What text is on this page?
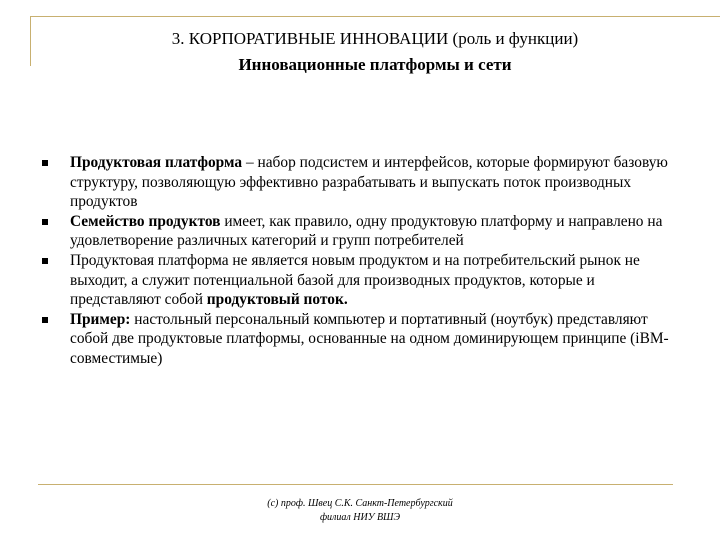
3. КОРПОРАТИВНЫЕ ИННОВАЦИИ (роль и функции)
Инновационные платформы и сети
Продуктовая платформа – набор подсистем и интерфейсов, которые формируют базовую структуру, позволяющую эффективно разрабатывать и выпускать поток производных продуктов
Семейство продуктов имеет, как правило, одну продуктовую платформу и направлено на удовлетворение различных категорий и групп потребителей
Продуктовая платформа не является новым продуктом и на потребительский рынок не выходит, а служит потенциальной базой для производных продуктов, которые и представляют собой продуктовый поток.
Пример: настольный персональный компьютер и портативный (ноутбук) представляют собой две продуктовые платформы, основанные на одном доминирующем принципе (iBM-совместимые)
(с) проф. Швец С.К. Санкт-Петербургский
филиал НИУ ВШЭ
